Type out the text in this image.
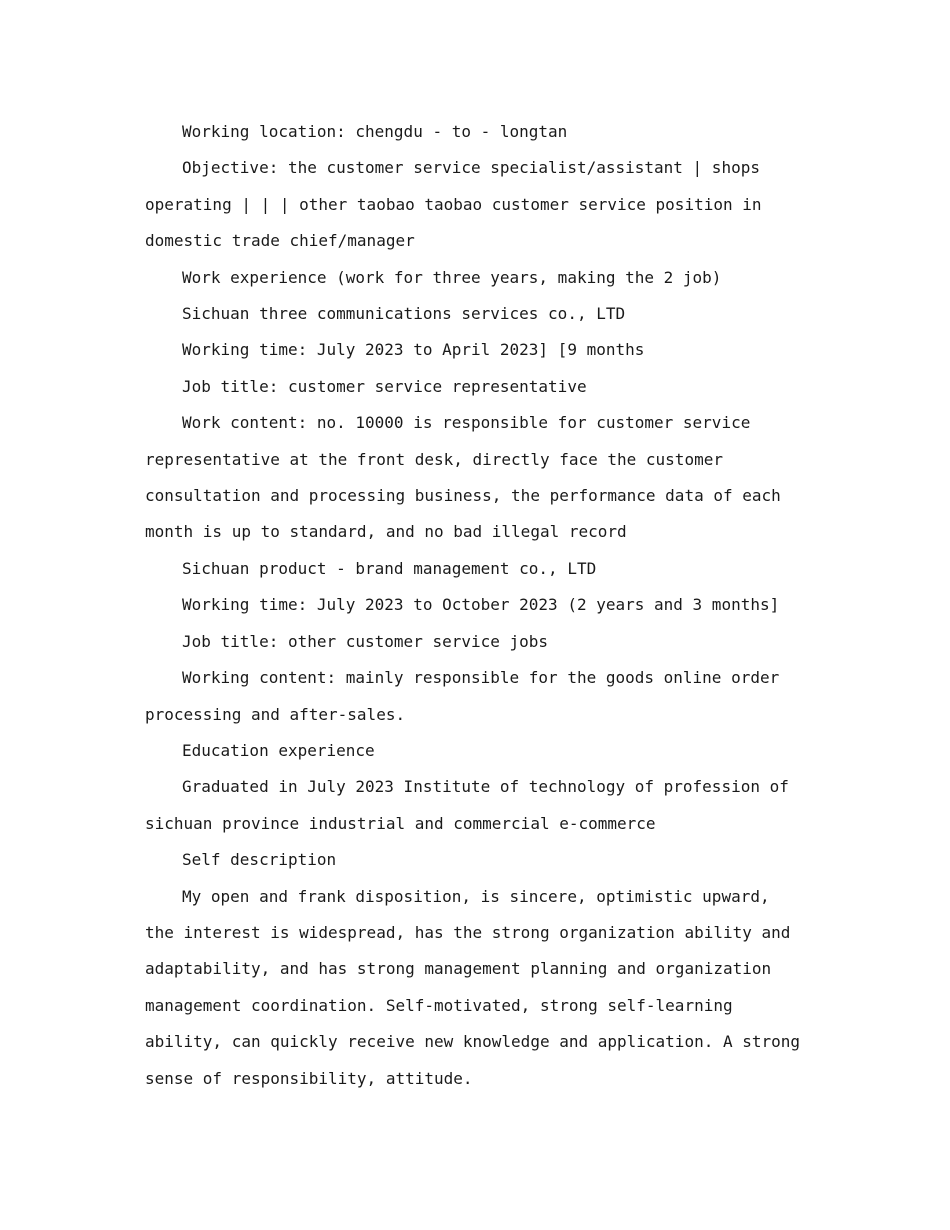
Working location: chengdu - to - longtan

Objective: the customer service specialist/assistant | shops operating | | | other taobao taobao customer service position in domestic trade chief/manager

Work experience (work for three years, making the 2 job)

Sichuan three communications services co., LTD

Working time: July 2023 to April 2023] [9 months

Job title: customer service representative

Work content: no. 10000 is responsible for customer service representative at the front desk, directly face the customer consultation and processing business, the performance data of each month is up to standard, and no bad illegal record

Sichuan product - brand management co., LTD

Working time: July 2023 to October 2023 (2 years and 3 months]

Job title: other customer service jobs

Working content: mainly responsible for the goods online order processing and after-sales.

Education experience

Graduated in July 2023 Institute of technology of profession of sichuan province industrial and commercial e-commerce

Self description

My open and frank disposition, is sincere, optimistic upward, the interest is widespread, has the strong organization ability and adaptability, and has strong management planning and organization management coordination. Self-motivated, strong self-learning ability, can quickly receive new knowledge and application. A strong sense of responsibility, attitude.
